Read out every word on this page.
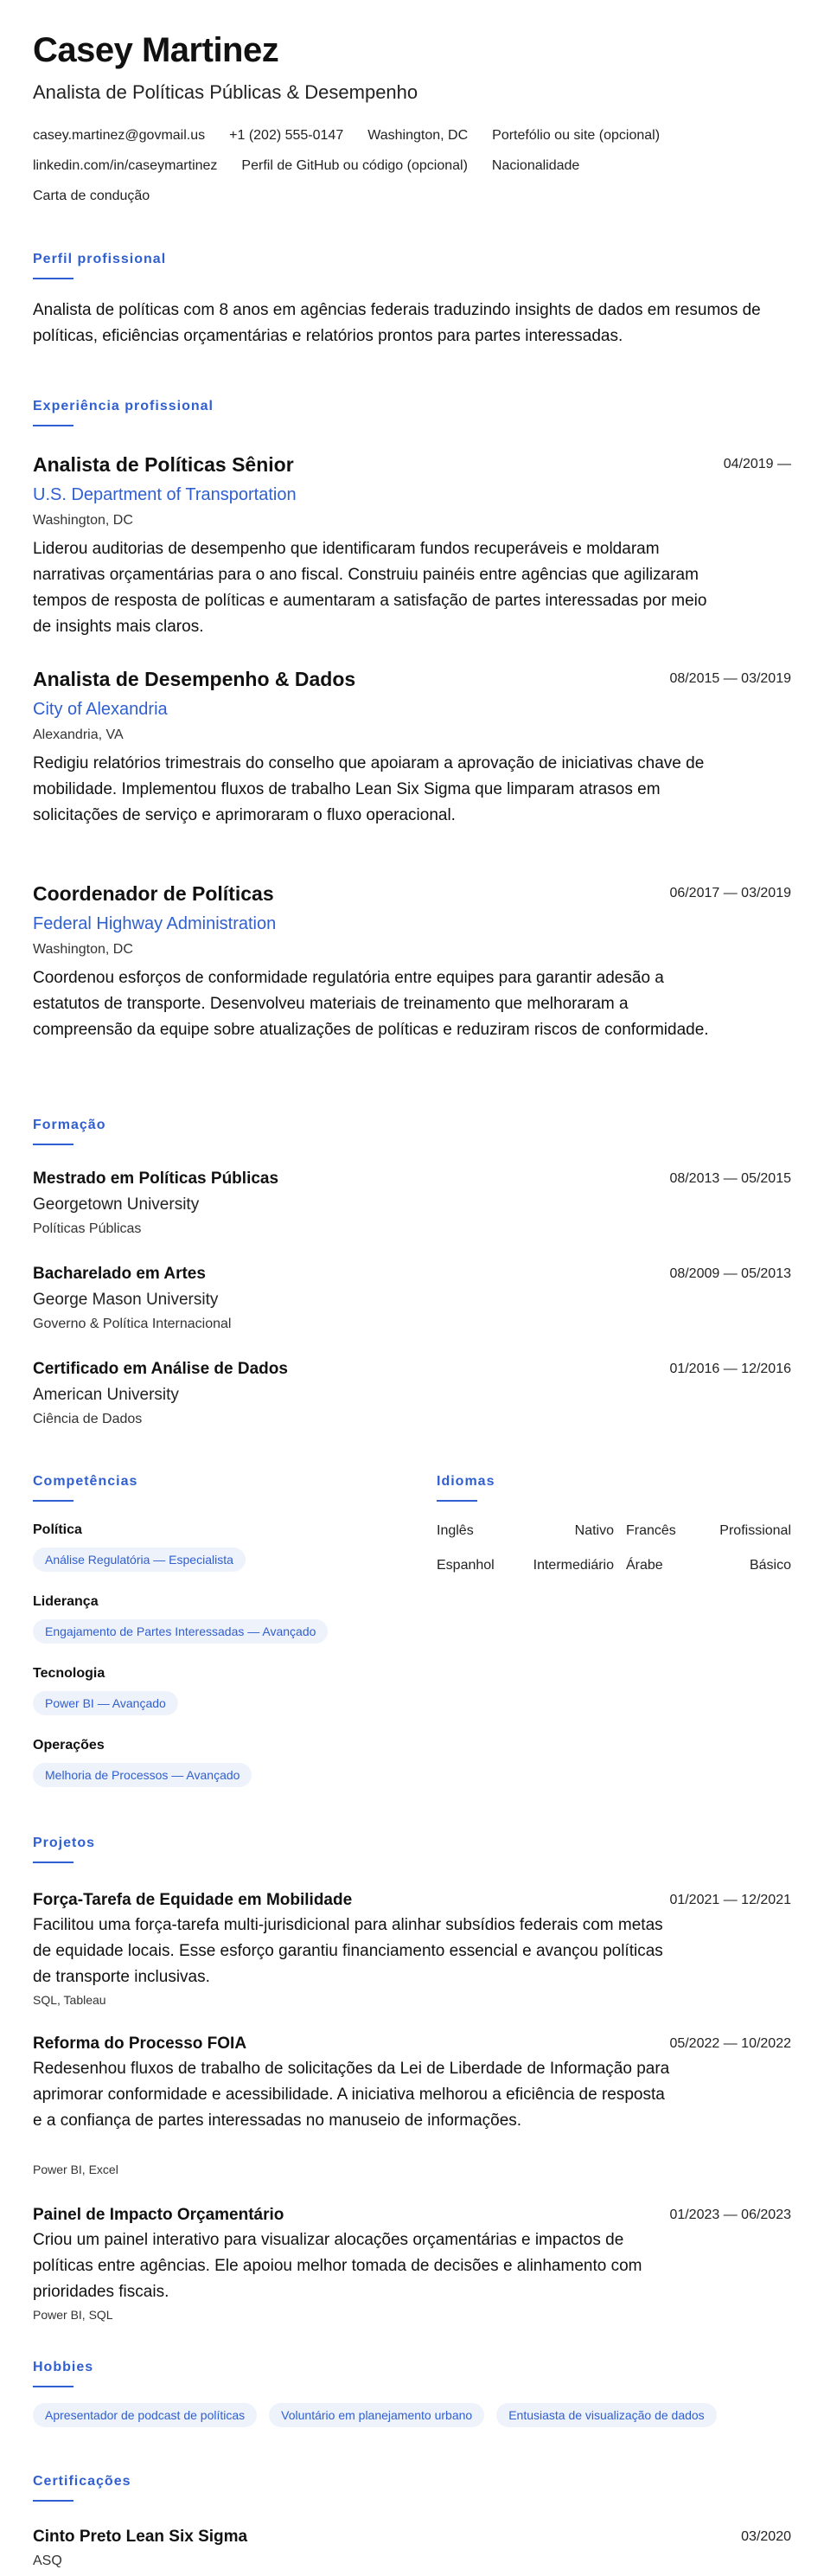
Casey Martinez
Analista de Políticas Públicas & Desempenho
casey.martinez@govmail.us +1 (202) 555-0147 Washington, DC Portefólio ou site (opcional)
linkedin.com/in/caseymartinez Perfil de GitHub ou código (opcional) Nacionalidade
Carta de condução
Perfil profissional
Analista de políticas com 8 anos em agências federais traduzindo insights de dados em resumos de políticas, eficiências orçamentárias e relatórios prontos para partes interessadas.
Experiência profissional
Analista de Políticas Sênior	04/2019 —
U.S. Department of Transportation
Washington, DC
Liderou auditorias de desempenho que identificaram fundos recuperáveis e moldaram narrativas orçamentárias para o ano fiscal. Construiu painéis entre agências que agilizaram tempos de resposta de políticas e aumentaram a satisfação de partes interessadas por meio de insights mais claros.
Analista de Desempenho & Dados	08/2015 — 03/2019
City of Alexandria
Alexandria, VA
Redigiu relatórios trimestrais do conselho que apoiaram a aprovação de iniciativas chave de mobilidade. Implementou fluxos de trabalho Lean Six Sigma que limparam atrasos em solicitações de serviço e aprimoraram o fluxo operacional.
Coordenador de Políticas	06/2017 — 03/2019
Federal Highway Administration
Washington, DC
Coordenou esforços de conformidade regulatória entre equipes para garantir adesão a estatutos de transporte. Desenvolveu materiais de treinamento que melhoraram a compreensão da equipe sobre atualizações de políticas e reduziram riscos de conformidade.
Formação
Mestrado em Políticas Públicas	08/2013 — 05/2015
Georgetown University
Políticas Públicas
Bacharelado em Artes	08/2009 — 05/2013
George Mason University
Governo & Política Internacional
Certificado em Análise de Dados	01/2016 — 12/2016
American University
Ciência de Dados
Competências
Política
Análise Regulatória — Especialista
Liderança
Engajamento de Partes Interessadas — Avançado
Tecnologia
Power BI — Avançado
Operações
Melhoria de Processos — Avançado
Idiomas
Inglês	Nativo Francês	Profissional
Espanhol	Intermediário Árabe	Básico
Projetos
Força-Tarefa de Equidade em Mobilidade	01/2021 — 12/2021
Facilitou uma força-tarefa multi-jurisdicional para alinhar subsídios federais com metas de equidade locais. Esse esforço garantiu financiamento essencial e avançou políticas de transporte inclusivas.
SQL, Tableau
Reforma do Processo FOIA	05/2022 — 10/2022
Redesenhou fluxos de trabalho de solicitações da Lei de Liberdade de Informação para aprimorar conformidade e acessibilidade. A iniciativa melhorou a eficiência de resposta e a confiança de partes interessadas no manuseio de informações.
Power BI, Excel
Painel de Impacto Orçamentário	01/2023 — 06/2023
Criou um painel interativo para visualizar alocações orçamentárias e impactos de políticas entre agências. Ele apoiou melhor tomada de decisões e alinhamento com prioridades fiscais.
Power BI, SQL
Hobbies
Apresentador de podcast de políticas	Voluntário em planejamento urbano	Entusiasta de visualização de dados
Certificações
Cinto Preto Lean Six Sigma	03/2020
ASQ
